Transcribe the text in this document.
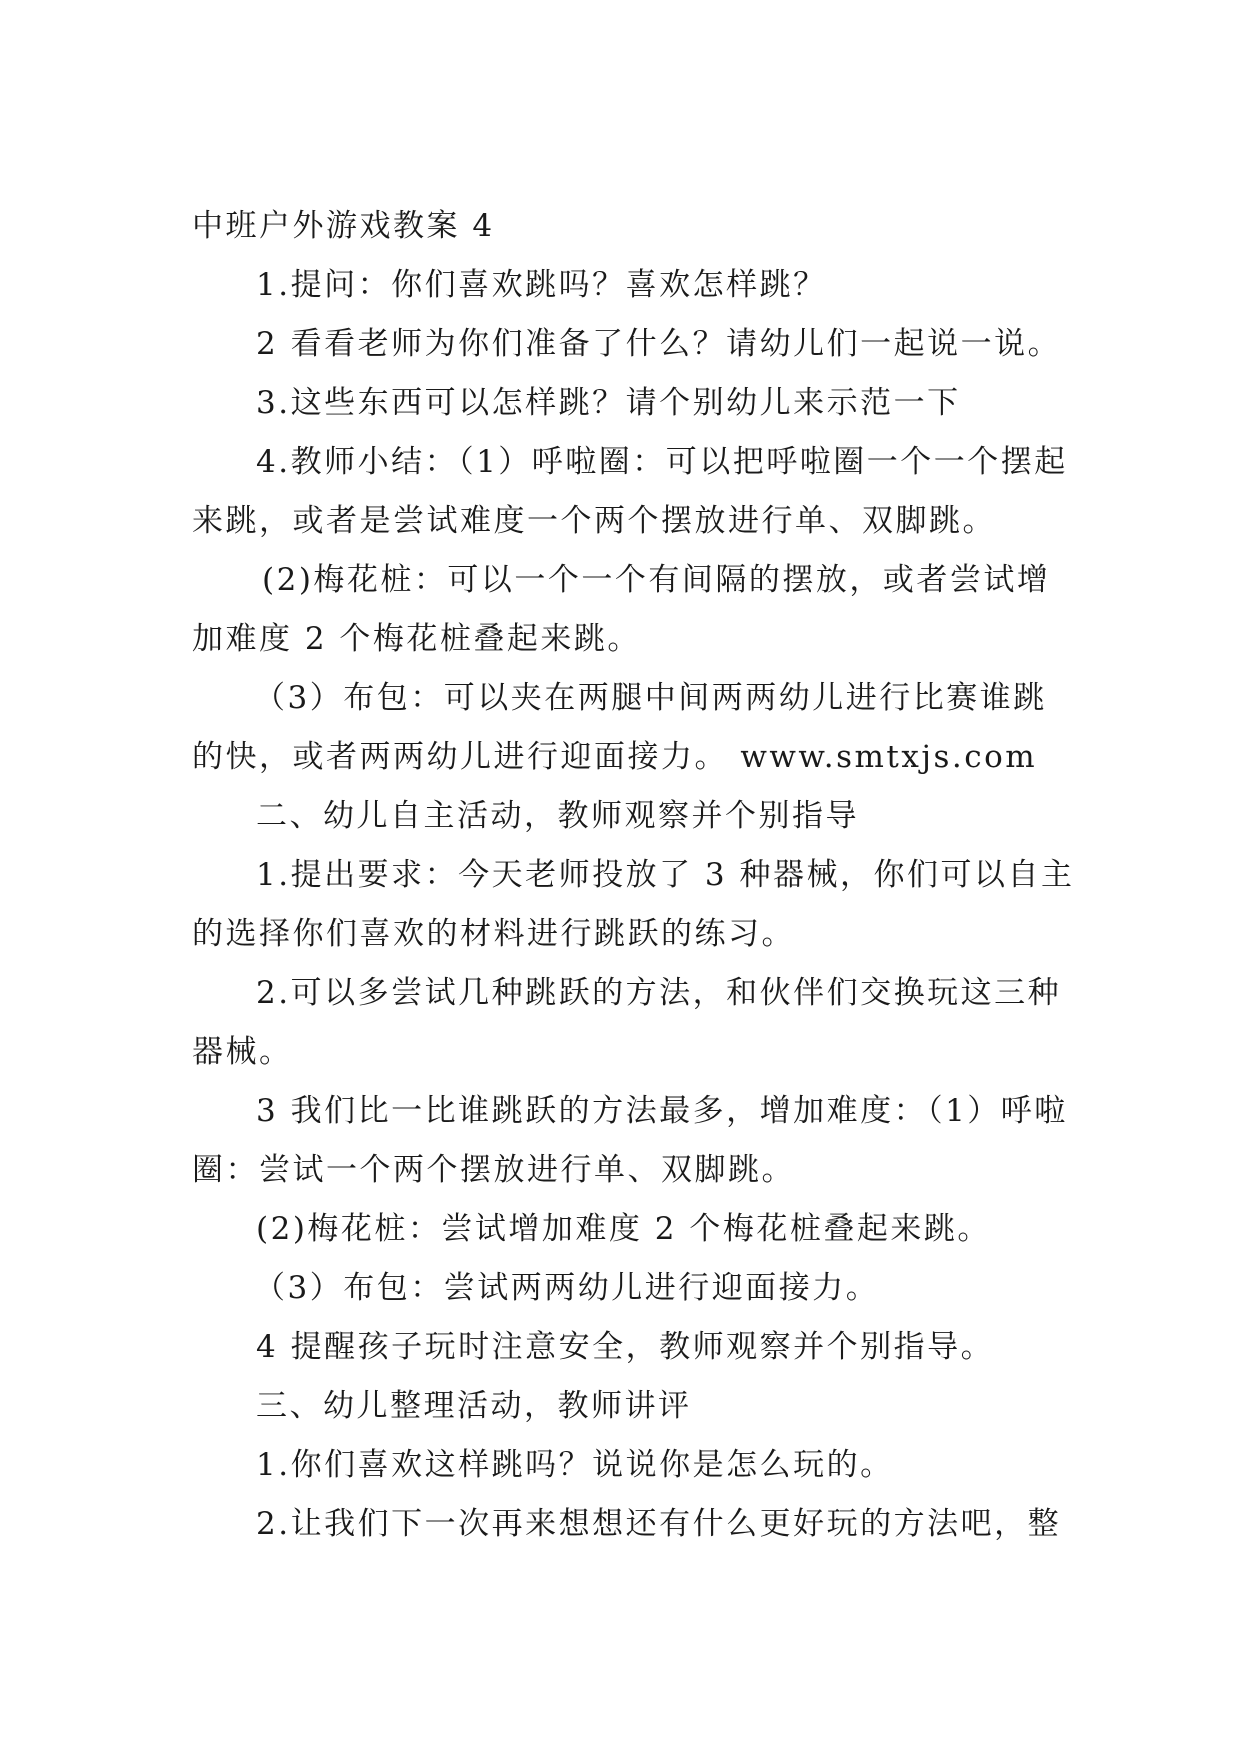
中班户外游戏教案 4
1.提问：你们喜欢跳吗？喜欢怎样跳？
2 看看老师为你们准备了什么？请幼儿们一起说一说。
3.这些东西可以怎样跳？请个别幼儿来示范一下
4.教师小结：（1）呼啦圈：可以把呼啦圈一个一个摆起
来跳，或者是尝试难度一个两个摆放进行单、双脚跳。
(2)梅花桩：可以一个一个有间隔的摆放，或者尝试增
加难度 2 个梅花桩叠起来跳。
（3）布包：可以夹在两腿中间两两幼儿进行比赛谁跳
的快，或者两两幼儿进行迎面接力。 www.smtxjs.com
二、幼儿自主活动，教师观察并个别指导
1.提出要求：今天老师投放了 3 种器械，你们可以自主
的选择你们喜欢的材料进行跳跃的练习。
2.可以多尝试几种跳跃的方法，和伙伴们交换玩这三种
器械。
3 我们比一比谁跳跃的方法最多，增加难度：（1）呼啦
圈：尝试一个两个摆放进行单、双脚跳。
(2)梅花桩：尝试增加难度 2 个梅花桩叠起来跳。
（3）布包：尝试两两幼儿进行迎面接力。
4 提醒孩子玩时注意安全，教师观察并个别指导。
三、幼儿整理活动，教师讲评
1.你们喜欢这样跳吗？说说你是怎么玩的。
2.让我们下一次再来想想还有什么更好玩的方法吧，整
